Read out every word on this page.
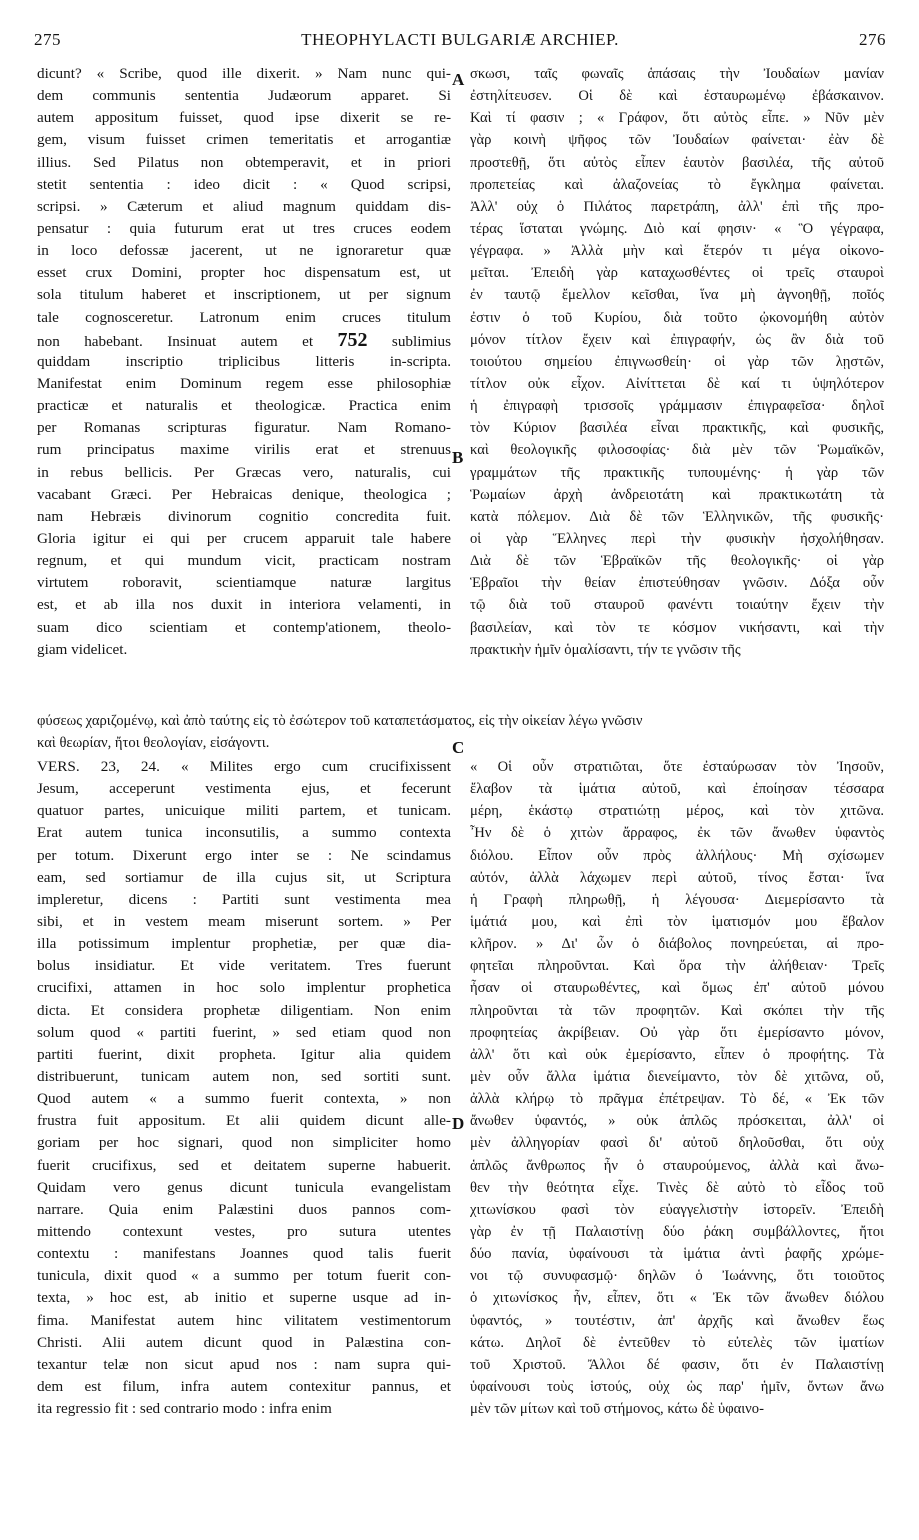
275	THEOPHYLACTI BULGARIÆ ARCHIEP.	276
A
B
C
D
dicunt? « Scribe, quod ille dixerit. » Nam nunc qui-
dem communis sententia Judæorum apparet. Si
autem appositum fuisset, quod ipse dixerit se re-
gem, visum fuisset crimen temeritatis et arrogantiæ
illius. Sed Pilatus non obtemperavit, et in priori
stetit sententia : ideo dicit : « Quod scripsi,
scripsi. » Cæterum et aliud magnum quiddam dis-
pensatur : quia futurum erat ut tres cruces eodem
in loco defossæ jacerent, ut ne ignoraretur quæ
esset crux Domini, propter hoc dispensatum est, ut
sola titulum haberet et inscriptionem, ut per signum
tale cognosceretur. Latronum enim cruces titulum
non habebant. Insinuat autem et 752 sublimius
quiddam inscriptio triplicibus litteris in-scripta.
Manifestat enim Dominum regem esse philosophiæ
practicæ et naturalis et theologicæ. Practica enim
per Romanas scripturas figuratur. Nam Romano-
rum principatus maxime virilis erat et strenuus
in rebus bellicis. Per Græcas vero, naturalis, cui
vacabant Græci. Per Hebraicas denique, theologica ;
nam Hebræis divinorum cognitio concredita fuit.
Gloria igitur ei qui per crucem apparuit tale habere
regnum, et qui mundum vicit, practicam nostram
virtutem roboravit, scientiamque naturæ largitus
est, et ab illa nos duxit in interiora velamenti, in
suam dico scientiam et contemp'ationem, theolo-
giam videlicet.
σκωσι, ταῖς φωναῖς ἁπάσαις τὴν Ἰουδαίων μανίαν
ἐστηλίτευσεν. Οἱ δὲ καὶ ἐσταυρωμένῳ ἐβάσκαινον.
Καὶ τί φασιν ; « Γράφον, ὅτι αὐτὸς εἶπε. » Νῦν μὲν
γὰρ κοινὴ ψῆφος τῶν Ἰουδαίων φαίνεται· ἐὰν δὲ
προστεθῇ, ὅτι αὐτὸς εἶπεν ἑαυτὸν βασιλέα, τῆς αὐτοῦ
προπετείας καὶ ἀλαζονείας τὸ ἔγκλημα φαίνεται.
Ἀλλ' οὐχ ὁ Πιλάτος παρετράπη, ἀλλ' ἐπὶ τῆς προ-
τέρας ἵσταται γνώμης. Διὸ καί φησιν· « Ὃ γέγραφα,
γέγραφα. » Ἀλλὰ μὴν καὶ ἕτερόν τι μέγα οἰκονο-
μεῖται. Ἐπειδὴ γὰρ καταχωσθέντες οἱ τρεῖς σταυροὶ
ἐν ταυτῷ ἔμελλον κεῖσθαι, ἵνα μὴ ἀγνοηθῇ, ποῖός
ἐστιν ὁ τοῦ Κυρίου, διὰ τοῦτο ᾠκονομήθη αὐτὸν
μόνον τίτλον ἔχειν καὶ ἐπιγραφήν, ὡς ἂν διὰ τοῦ
τοιούτου σημείου ἐπιγνωσθείη· οἱ γὰρ τῶν λῃστῶν,
τίτλον οὐκ εἶχον. Αἰνίττεται δὲ καί τι ὑψηλότερον
ἡ ἐπιγραφὴ τρισσοῖς γράμμασιν ἐπιγραφεῖσα· δηλοῖ
τὸν Κύριον βασιλέα εἶναι πρακτικῆς, καὶ φυσικῆς,
καὶ θεολογικῆς φιλοσοφίας· διὰ μὲν τῶν Ῥωμαϊκῶν,
γραμμάτων τῆς πρακτικῆς τυπουμένης· ἡ γὰρ τῶν
Ῥωμαίων ἀρχὴ ἀνδρειοτάτη καὶ πρακτικωτάτη τὰ
κατὰ πόλεμον. Διὰ δὲ τῶν Ἑλληνικῶν, τῆς φυσικῆς·
οἱ γὰρ Ἕλληνες περὶ τὴν φυσικὴν ἠσχολήθησαν.
Διὰ δὲ τῶν Ἑβραϊκῶν τῆς θεολογικῆς· οἱ γὰρ
Ἑβραῖοι τὴν θείαν ἐπιστεύθησαν γνῶσιν. Δόξα οὖν
τῷ διὰ τοῦ σταυροῦ φανέντι τοιαύτην ἔχειν τὴν
βασιλείαν, καὶ τὸν τε κόσμον νικήσαντι, καὶ τὴν
πρακτικὴν ἡμῖν ὁμαλίσαντι, τήν τε γνῶσιν τῆς
φύσεως χαριζομένῳ, καὶ ἀπὸ ταύτης εἰς τὸ ἐσώτερον τοῦ καταπετάσματος, εἰς τὴν οἰκείαν λέγω γνῶσιν
καὶ θεωρίαν, ἤτοι θεολογίαν, εἰσάγοντι.
VERS. 23, 24. « Milites ergo cum crucifixissent
Jesum, acceperunt vestimenta ejus, et fecerunt
quatuor partes, unicuique militi partem, et tunicam.
Erat autem tunica inconsutilis, a summo contexta
per totum. Dixerunt ergo inter se : Ne scindamus
eam, sed sortiamur de illa cujus sit, ut Scriptura
impleretur, dicens : Partiti sunt vestimenta mea
sibi, et in vestem meam miserunt sortem. » Per
illa potissimum implentur prophetiæ, per quæ dia-
bolus insidiatur. Et vide veritatem. Tres fuerunt
crucifixi, attamen in hoc solo implentur prophetica
dicta. Et considera prophetæ diligentiam. Non enim
solum quod « partiti fuerint, » sed etiam quod non
partiti fuerint, dixit propheta. Igitur alia quidem
distribuerunt, tunicam autem non, sed sortiti sunt.
Quod autem « a summo fuerit contexta, » non
frustra fuit appositum. Et alii quidem dicunt alle-
goriam per hoc signari, quod non simpliciter homo
fuerit crucifixus, sed et deitatem superne habuerit.
Quidam vero genus dicunt tunicula evangelistam
narrare. Quia enim Palæstini duos pannos com-
mittendo contexunt vestes, pro sutura utentes
contextu : manifestans Joannes quod talis fuerit
tunicula, dixit quod « a summo per totum fuerit con-
texta, » hoc est, ab initio et superne usque ad in-
fima. Manifestat autem hinc vilitatem vestimentorum
Christi. Alii autem dicunt quod in Palæstina con-
texantur telæ non sicut apud nos : nam supra qui-
dem est filum, infra autem contexitur pannus, et
ita regressio fit : sed contrario modo : infra enim
« Οἱ οὖν στρατιῶται, ὅτε ἐσταύρωσαν τὸν Ἰησοῦν,
ἔλαβον τὰ ἱμάτια αὐτοῦ, καὶ ἐποίησαν τέσσαρα
μέρη, ἑκάστῳ στρατιώτῃ μέρος, καὶ τὸν χιτῶνα.
Ἦν δὲ ὁ χιτὼν ἄρραφος, ἐκ τῶν ἄνωθεν ὑφαντὸς
διόλου. Εἶπον οὖν πρὸς ἀλλήλους· Μὴ σχίσωμεν
αὐτόν, ἀλλὰ λάχωμεν περὶ αὐτοῦ, τίνος ἔσται· ἵνα
ἡ Γραφὴ πληρωθῇ, ἡ λέγουσα· Διεμερίσαντο τὰ
ἱμάτιά μου, καὶ ἐπὶ τὸν ἱματισμόν μου ἔβαλον
κλῆρον. » Δι' ὧν ὁ διάβολος πονηρεύεται, αἱ προ-
φητεῖαι πληροῦνται. Καὶ ὅρα τὴν ἀλήθειαν· Τρεῖς
ἦσαν οἱ σταυρωθέντες, καὶ ὅμως ἐπ' αὐτοῦ μόνου
πληροῦνται τὰ τῶν προφητῶν. Καὶ σκόπει τὴν τῆς
προφητείας ἀκρίβειαν. Οὐ γὰρ ὅτι ἐμερίσαντο μόνον,
ἀλλ' ὅτι καὶ οὐκ ἐμερίσαντο, εἶπεν ὁ προφήτης. Τὰ
μὲν οὖν ἄλλα ἱμάτια διενείμαντο, τὸν δὲ χιτῶνα, οὔ,
ἀλλὰ κλήρῳ τὸ πρᾶγμα ἐπέτρεψαν. Τὸ δέ, « Ἐκ τῶν
ἄνωθεν ὑφαντός, » οὐκ ἁπλῶς πρόσκειται, ἀλλ' οἱ
μὲν ἀλληγορίαν φασὶ δι' αὐτοῦ δηλοῦσθαι, ὅτι οὐχ
ἁπλῶς ἄνθρωπος ἦν ὁ σταυρούμενος, ἀλλὰ καὶ ἄνω-
θεν τὴν θεότητα εἶχε. Τινὲς δὲ αὐτὸ τὸ εἶδος τοῦ
χιτωνίσκου φασὶ τὸν εὐαγγελιστὴν ἱστορεῖν. Ἐπειδὴ
γὰρ ἐν τῇ Παλαιστίνῃ δύο ῥάκη συμβάλλοντες, ἤτοι
δύο πανία, ὑφαίνουσι τὰ ἱμάτια ἀντὶ ῥαφῆς χρώμε-
νοι τῷ συνυφασμῷ· δηλῶν ὁ Ἰωάννης, ὅτι τοιοῦτος
ὁ χιτωνίσκος ἦν, εἶπεν, ὅτι « Ἐκ τῶν ἄνωθεν διόλου
ὑφαντός, » τουτέστιν, ἀπ' ἀρχῆς καὶ ἄνωθεν ἕως
κάτω. Δηλοῖ δὲ ἐντεῦθεν τὸ εὐτελὲς τῶν ἱματίων
τοῦ Χριστοῦ. Ἄλλοι δέ φασιν, ὅτι ἐν Παλαιστίνῃ
ὑφαίνουσι τοὺς ἱστούς, οὐχ ὡς παρ' ἡμῖν, ὄντων ἄνω
μὲν τῶν μίτων καὶ τοῦ στήμονος, κάτω δὲ ὑφαινο-
